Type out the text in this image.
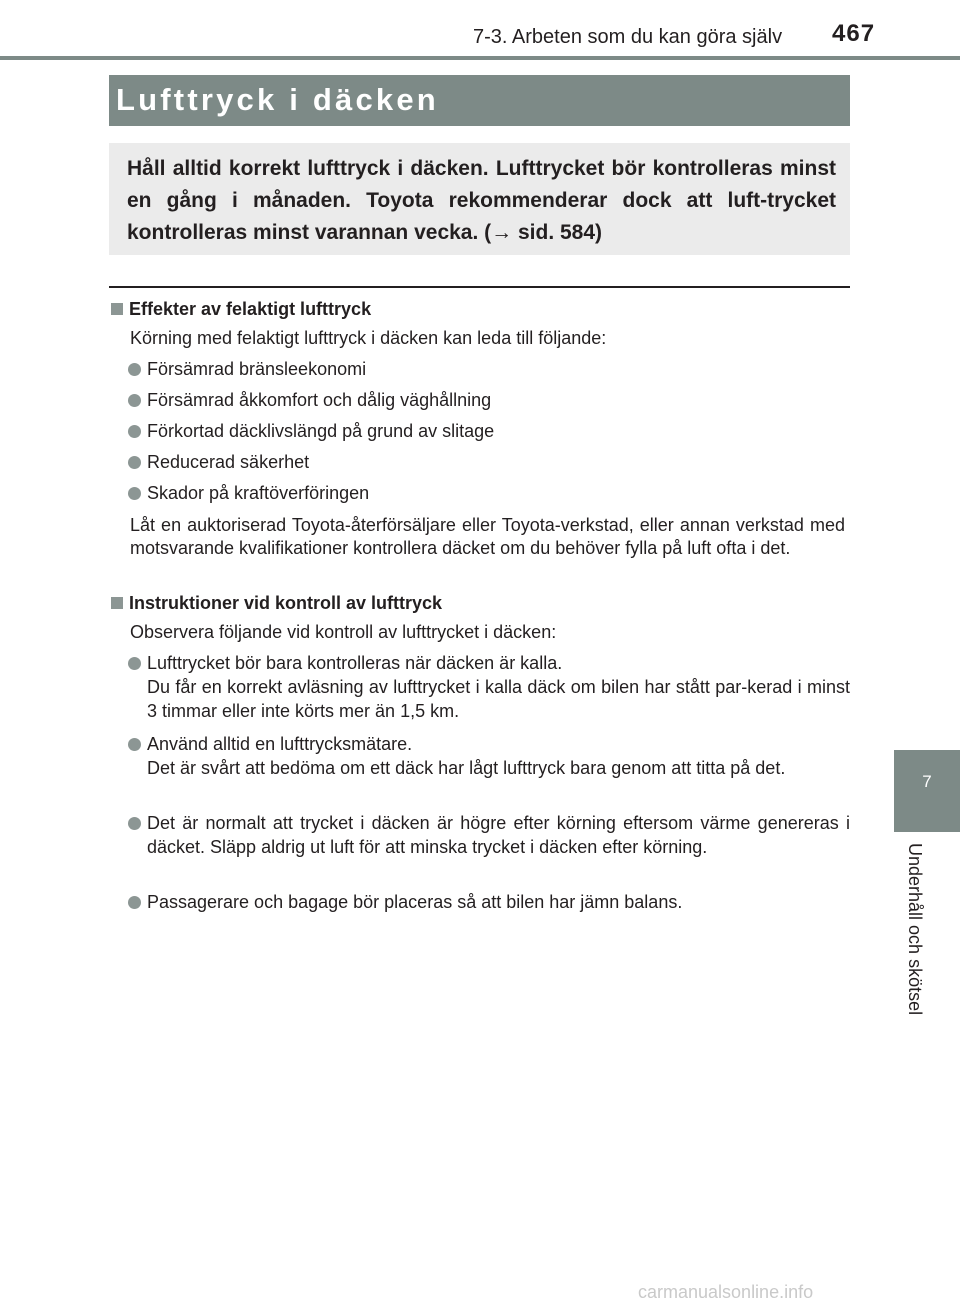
7-3. Arbeten som du kan göra själv 467
Lufttryck i däcken
Håll alltid korrekt lufttryck i däcken. Lufttrycket bör kontrolleras minst en gång i månaden. Toyota rekommenderar dock att luft-trycket kontrolleras minst varannan vecka. (→ sid. 584)
Effekter av felaktigt lufttryck
Körning med felaktigt lufttryck i däcken kan leda till följande:
Försämrad bränsleekonomi
Försämrad åkkomfort och dålig väghållning
Förkortad däcklivslängd på grund av slitage
Reducerad säkerhet
Skador på kraftöverföringen
Låt en auktoriserad Toyota-återförsäljare eller Toyota-verkstad, eller annan verkstad med motsvarande kvalifikationer kontrollera däcket om du behöver fylla på luft ofta i det.
Instruktioner vid kontroll av lufttryck
Observera följande vid kontroll av lufttrycket i däcken:
Lufttrycket bör bara kontrolleras när däcken är kalla.
Du får en korrekt avläsning av lufttrycket i kalla däck om bilen har stått par-kerad i minst 3 timmar eller inte körts mer än 1,5 km.
Använd alltid en lufttrycksmätare.
Det är svårt att bedöma om ett däck har lågt lufttryck bara genom att titta på det.
Det är normalt att trycket i däcken är högre efter körning eftersom värme genereras i däcket. Släpp aldrig ut luft för att minska trycket i däcken efter körning.
Passagerare och bagage bör placeras så att bilen har jämn balans.
7
Underhåll och skötsel
carmanualsonline.info
